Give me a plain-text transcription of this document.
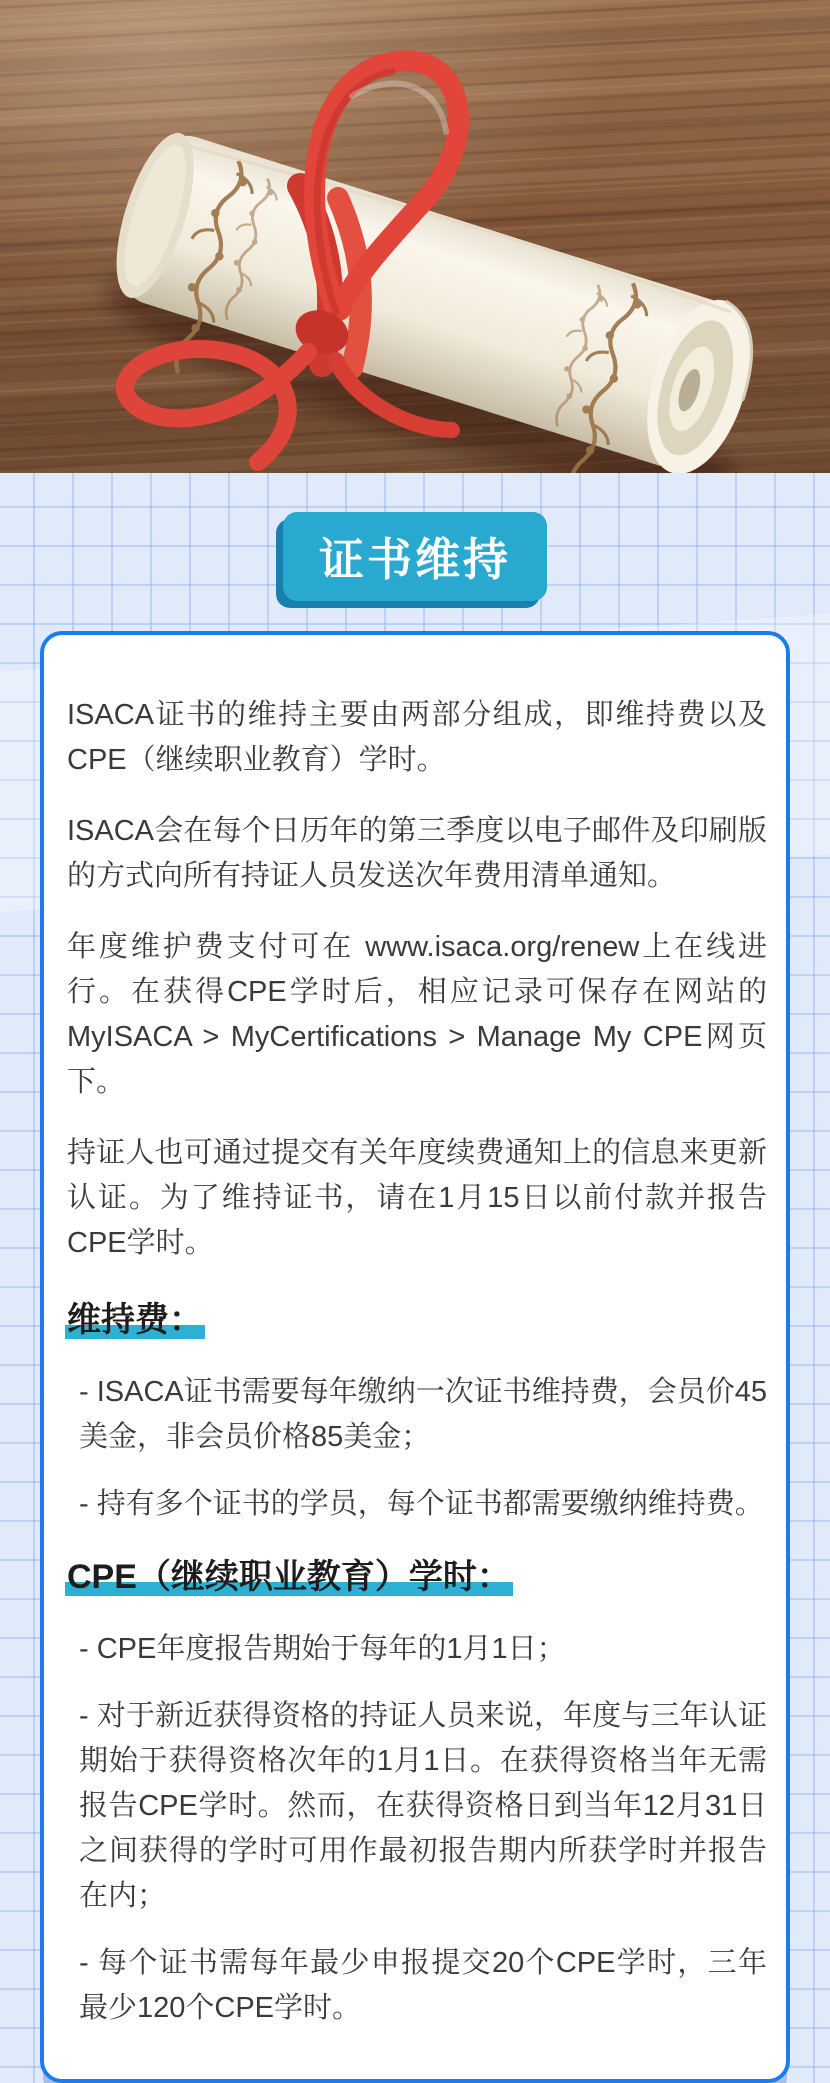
证书维持

ISACA证书的维持主要由两部分组成，即维持费以及CPE（继续职业教育）学时。

ISACA会在每个日历年的第三季度以电子邮件及印刷版的方式向所有持证人员发送次年费用清单通知。

年度维护费支付可在 www.isaca.org/renew上在线进行。在获得CPE学时后，相应记录可保存在网站的MyISACA > MyCertifications > Manage My CPE网页下。

持证人也可通过提交有关年度续费通知上的信息来更新认证。为了维持证书，请在1月15日以前付款并报告CPE学时。

维持费：

- ISACA证书需要每年缴纳一次证书维持费，会员价45美金，非会员价格85美金；

- 持有多个证书的学员，每个证书都需要缴纳维持费。

CPE（继续职业教育）学时：

- CPE年度报告期始于每年的1月1日；

- 对于新近获得资格的持证人员来说，年度与三年认证期始于获得资格次年的1月1日。在获得资格当年无需报告CPE学时。然而，在获得资格日到当年12月31日之间获得的学时可用作最初报告期内所获学时并报告在内；

- 每个证书需每年最少申报提交20个CPE学时，三年最少120个CPE学时。
